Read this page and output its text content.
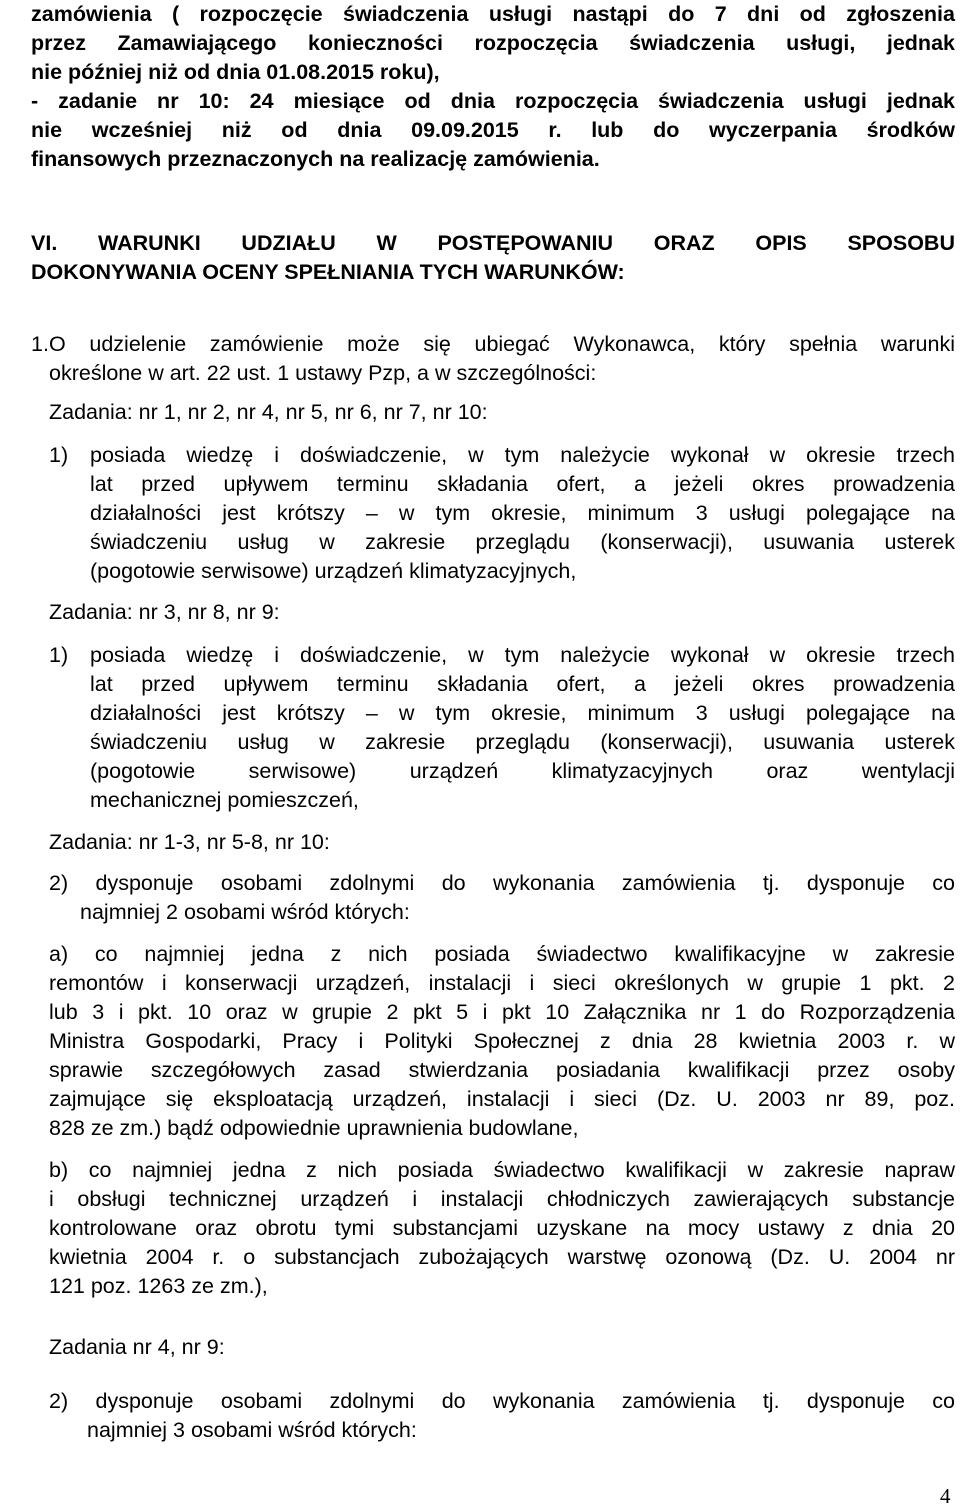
zamówienia ( rozpoczęcie świadczenia usługi nastąpi do 7 dni od zgłoszenia
przez Zamawiającego konieczności rozpoczęcia świadczenia usługi, jednak
nie później niż od dnia 01.08.2015 roku),
- zadanie nr 10: 24 miesiące od dnia rozpoczęcia świadczenia usługi jednak
nie wcześniej niż od dnia 09.09.2015 r. lub do wyczerpania środków
finansowych przeznaczonych na realizację zamówienia.
VI. WARUNKI UDZIAŁU W POSTĘPOWANIU ORAZ OPIS SPOSOBU
DOKONYWANIA OCENY SPEŁNIANIA TYCH WARUNKÓW:
1. O udzielenie zamówienie może się ubiegać Wykonawca, który spełnia warunki
określone w art. 22 ust. 1 ustawy Pzp, a w szczególności:
Zadania: nr 1, nr 2, nr 4, nr 5, nr 6, nr 7, nr 10:
1) posiada wiedzę i doświadczenie, w tym należycie wykonał w okresie trzech
lat przed upływem terminu składania ofert, a jeżeli okres prowadzenia
działalności jest krótszy – w tym okresie, minimum 3 usługi polegające na
świadczeniu usług w zakresie przeglądu (konserwacji), usuwania usterek
(pogotowie serwisowe) urządzeń klimatyzacyjnych,
Zadania: nr 3, nr 8, nr 9:
1) posiada wiedzę i doświadczenie, w tym należycie wykonał w okresie trzech
lat przed upływem terminu składania ofert, a jeżeli okres prowadzenia
działalności jest krótszy – w tym okresie, minimum 3 usługi polegające na
świadczeniu usług w zakresie przeglądu (konserwacji), usuwania usterek
(pogotowie serwisowe) urządzeń klimatyzacyjnych oraz wentylacji
mechanicznej pomieszczeń,
Zadania: nr 1-3, nr 5-8, nr 10:
2) dysponuje osobami zdolnymi do wykonania zamówienia tj. dysponuje co
najmniej 2 osobami wśród których:
a) co najmniej jedna z nich posiada świadectwo kwalifikacyjne w zakresie
remontów i konserwacji urządzeń, instalacji i sieci określonych w grupie 1 pkt. 2
lub 3 i pkt. 10 oraz w grupie 2 pkt 5 i pkt 10 Załącznika nr 1 do Rozporządzenia
Ministra Gospodarki, Pracy i Polityki Społecznej z dnia 28 kwietnia 2003 r. w
sprawie szczegółowych zasad stwierdzania posiadania kwalifikacji przez osoby
zajmujące się eksploatacją urządzeń, instalacji i sieci (Dz. U. 2003 nr 89, poz.
828 ze zm.) bądź odpowiednie uprawnienia budowlane,
b) co najmniej jedna z nich posiada świadectwo kwalifikacji w zakresie napraw
i obsługi technicznej urządzeń i instalacji chłodniczych zawierających substancje
kontrolowane oraz obrotu tymi substancjami uzyskane na mocy ustawy z dnia 20
kwietnia 2004 r. o substancjach zubożających warstwę ozonową (Dz. U. 2004 nr
121 poz. 1263 ze zm.),
Zadania nr 4, nr 9:
2) dysponuje osobami zdolnymi do wykonania zamówienia tj. dysponuje co
najmniej 3 osobami wśród których:
4
